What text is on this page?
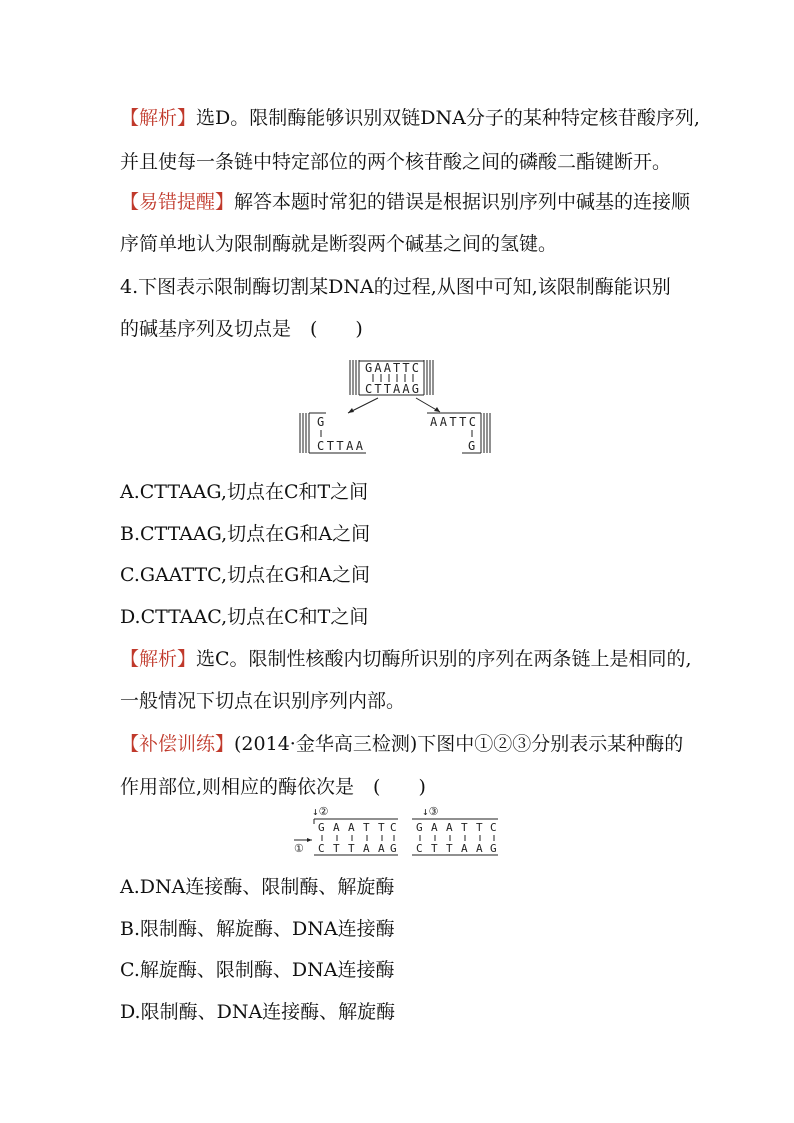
【解析】选D。限制酶能够识别双链DNA分子的某种特定核苷酸序列,
并且使每一条链中特定部位的两个核苷酸之间的磷酸二酯键断开。
【易错提醒】解答本题时常犯的错误是根据识别序列中碱基的连接顺
序简单地认为限制酶就是断裂两个碱基之间的氢键。
4.下图表示限制酶切割某DNA的过程,从图中可知,该限制酶能识别
的碱基序列及切点是　(　　)
GAATTC
CTTAAG
G
CTTAA
AATTC
G
A.CTTAAG,切点在C和T之间
B.CTTAAG,切点在G和A之间
C.GAATTC,切点在G和A之间
D.CTTAAC,切点在C和T之间
【解析】选C。限制性核酸内切酶所识别的序列在两条链上是相同的,
一般情况下切点在识别序列内部。
【补偿训练】(2014·金华高三检测)下图中①②③分别表示某种酶的
作用部位,则相应的酶依次是　(　　)
↓②	↓③
①
G A A T T C
C T T A A G
G A A T T C
C T T A A G
A.DNA连接酶、限制酶、解旋酶
B.限制酶、解旋酶、DNA连接酶
C.解旋酶、限制酶、DNA连接酶
D.限制酶、DNA连接酶、解旋酶
